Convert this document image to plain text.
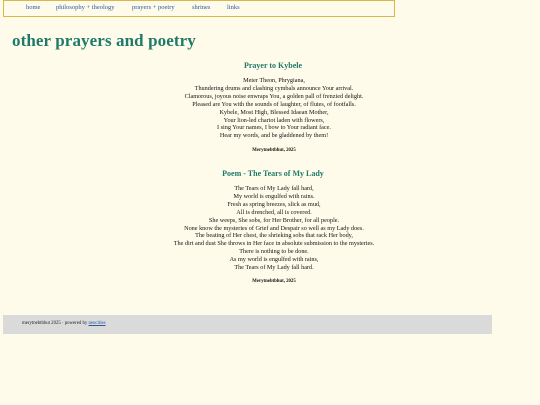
home philosophy + theology	prayers + poetry	shrines	links
other prayers and poetry
Prayer to Kybele
Meter Theon, Phrygiana,
Thundering drums and clashing cymbals announce Your arrival.
Clamorous, joyous noise enwraps You, a golden pall of frenzied delight.
Pleased are You with the sounds of laughter, of flutes, of footfalls.
Kybele, Most High, Blessed Idaean Mother,
Your lion-led chariot laden with flowers,
I sing Your names, I bow to Your radiant face.
Hear my words, and be gladdened by them!
Merytnebtbhut, 2025
Poem - The Tears of My Lady
The Tears of My Lady fall hard,
My world is engulfed with rains.
Fresh as spring breezes, slick as mud,
All is drenched, all is covered.
She weeps, She sobs, for Her Brother, for all people.
None know the mysteries of Grief and Despair so well as my Lady does.
The beating of Her chest, the shrieking sobs that rack Her body,
The dirt and dust She throws in Her face in absolute submission to the mysteries.
There is nothing to be done.
As my world is engulfed with rains,
The Tears of My Lady fall hard.
Merytnebtbhut, 2025
merytnebtbhut 2025 · powered by neocities
